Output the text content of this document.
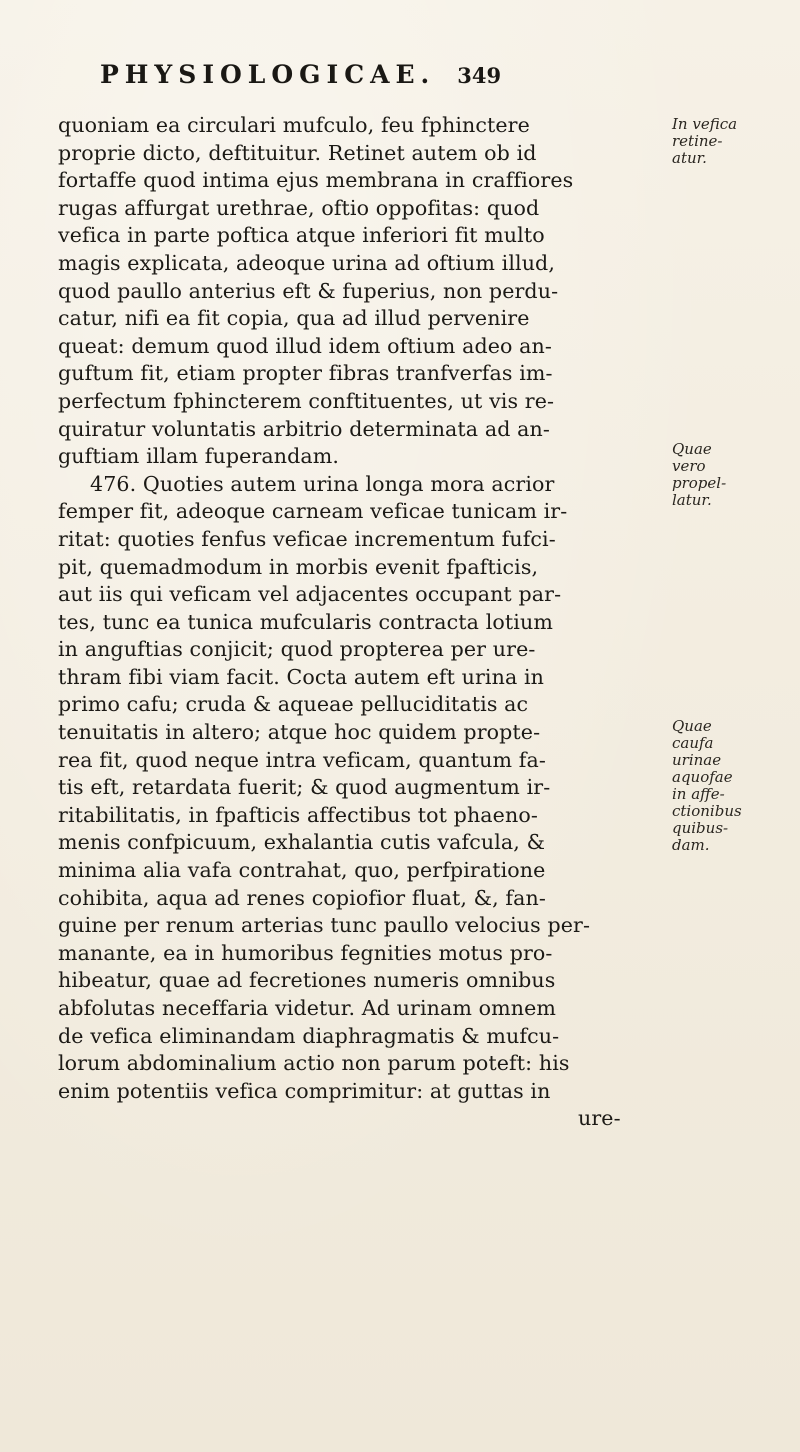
PHYSIOLOGICAE. 349
quoniam ea circulari mufculo, feu fphinctere
proprie dicto, deftituitur. Retinet autem ob id
fortaffe quod intima ejus membrana in craffiores
rugas affurgat urethrae, oftio oppofitas: quod
vefica in parte poftica atque inferiori fit multo
magis explicata, adeoque urina ad oftium illud,
quod paullo anterius eft & fuperius, non perdu-
catur, nifi ea fit copia, qua ad illud pervenire
queat: demum quod illud idem oftium adeo an-
guftum fit, etiam propter fibras tranfverfas im-
perfectum fphincterem conftituentes, ut vis re-
quiratur voluntatis arbitrio determinata ad an-
guftiam illam fuperandam.
476. Quoties autem urina longa mora acrior
femper fit, adeoque carneam veficae tunicam ir-
ritat: quoties fenfus veficae incrementum fufci-
pit, quemadmodum in morbis evenit fpafticis,
aut iis qui veficam vel adjacentes occupant par-
tes, tunc ea tunica mufcularis contracta lotium
in anguftias conjicit; quod propterea per ure-
thram fibi viam facit. Cocta autem eft urina in
primo cafu; cruda & aqueae pelluciditatis ac
tenuitatis in altero; atque hoc quidem propte-
rea fit, quod neque intra veficam, quantum fa-
tis eft, retardata fuerit; & quod augmentum ir-
ritabilitatis, in fpafticis affectibus tot phaeno-
menis confpicuum, exhalantia cutis vafcula, &
minima alia vafa contrahat, quo, perfpiratione
cohibita, aqua ad renes copiofior fluat, &, fan-
guine per renum arterias tunc paullo velocius per-
manante, ea in humoribus fegnities motus pro-
hibeatur, quae ad fecretiones numeris omnibus
abfolutas neceffaria videtur. Ad urinam omnem
de vefica eliminandam diaphragmatis & mufcu-
lorum abdominalium actio non parum poteft: his
enim potentiis vefica comprimitur: at guttas in
ure-
In vefica
retine-
atur.
Quae
vero
propel-
latur.
Quae
caufa
urinae
aquofae
in affe-
ctionibus
quibus-
dam.
